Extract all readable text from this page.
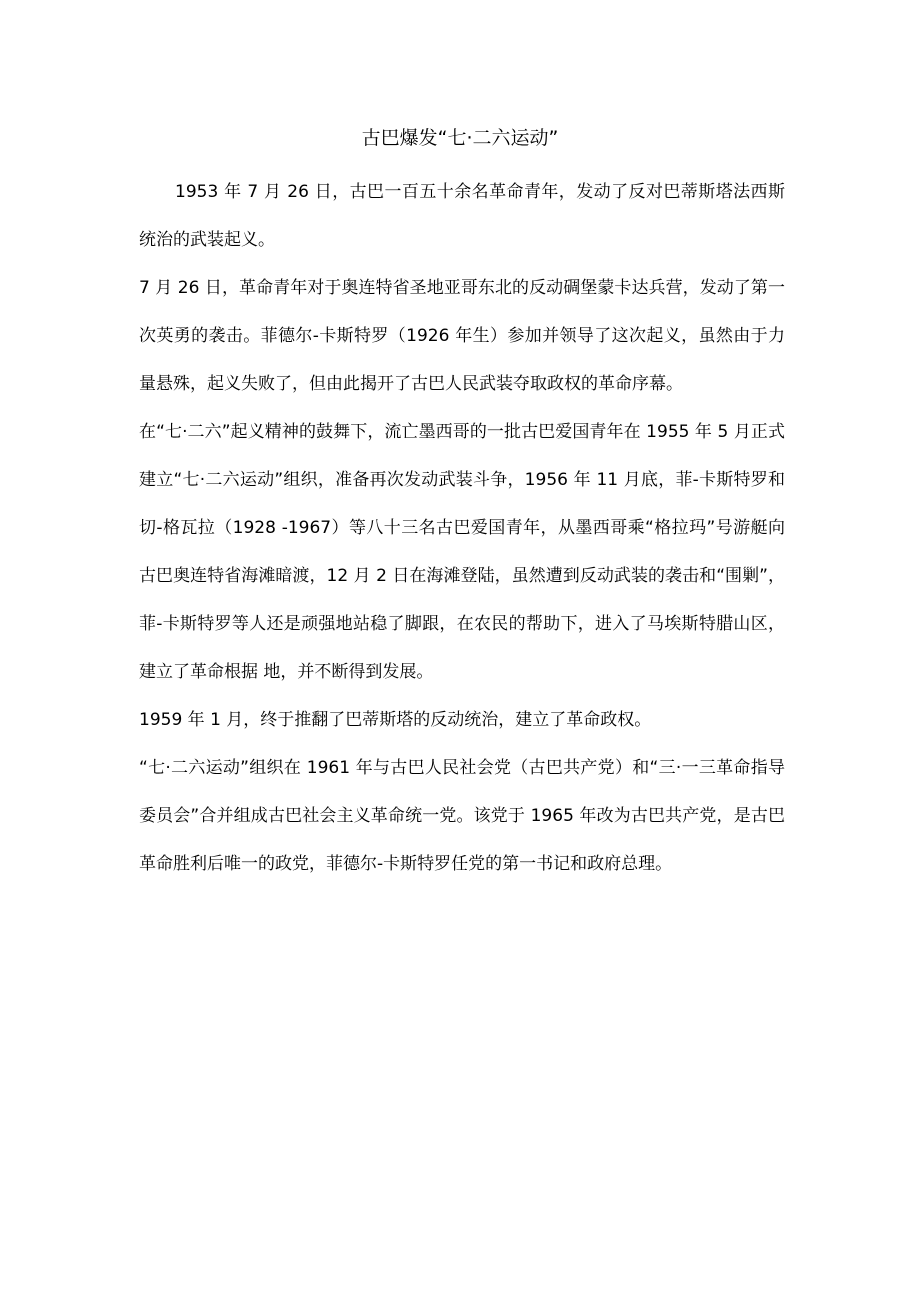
古巴爆发“七·二六运动”

1953 年 7 月 26 日，古巴一百五十余名革命青年，发动了反对巴蒂斯塔法西斯统治的武装起义。

7 月 26 日，革命青年对于奥连特省圣地亚哥东北的反动碉堡蒙卡达兵营，发动了第一次英勇的袭击。菲德尔-卡斯特罗（1926 年生）参加并领导了这次起义，虽然由于力量悬殊，起义失败了，但由此揭开了古巴人民武装夺取政权的革命序幕。

在“七·二六”起义精神的鼓舞下，流亡墨西哥的一批古巴爱国青年在 1955 年 5 月正式建立“七·二六运动”组织，准备再次发动武装斗争，1956 年 11 月底，菲-卡斯特罗和切-格瓦拉（1928 -1967）等八十三名古巴爱国青年，从墨西哥乘“格拉玛”号游艇向古巴奥连特省海滩暗渡，12 月 2 日在海滩登陆，虽然遭到反动武装的袭击和“围剿”，菲-卡斯特罗等人还是顽强地站稳了脚跟，在农民的帮助下，进入了马埃斯特腊山区，建立了革命根据 地，并不断得到发展。

1959 年 1 月，终于推翻了巴蒂斯塔的反动统治，建立了革命政权。

“七·二六运动”组织在 1961 年与古巴人民社会党（古巴共产党）和“三·一三革命指导委员会”合并组成古巴社会主义革命统一党。该党于 1965 年改为古巴共产党，是古巴革命胜利后唯一的政党，菲德尔-卡斯特罗任党的第一书记和政府总理。
